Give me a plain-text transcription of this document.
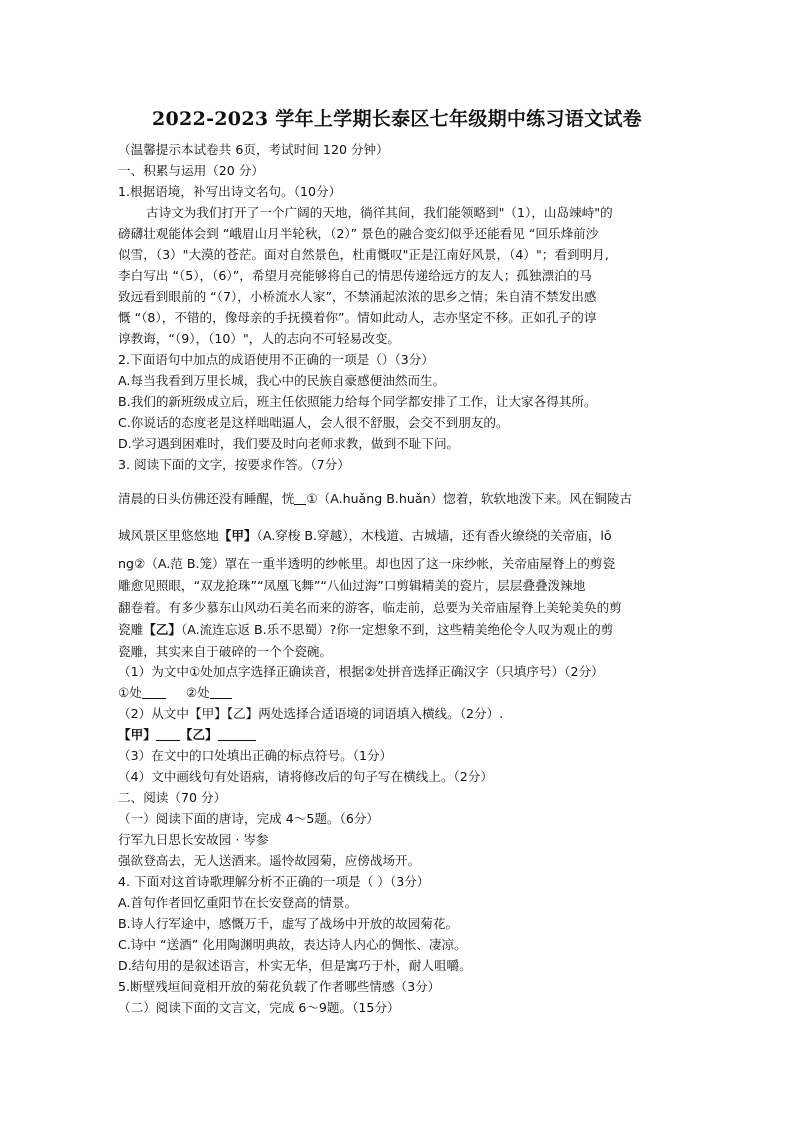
2022-2023 学年上学期长泰区七年级期中练习语文试卷
（温馨提示本试卷共 6页，考试时间 120 分钟）
一、积累与运用（20 分）
1.根据语境，补写出诗文名句。（10分）
古诗文为我们打开了一个广阔的天地，徜徉其间，我们能领略到"（1），山岛竦峙"的
磅礴壮观能体会到 “峨眉山月半轮秋，（2）” 景色的融合变幻似乎还能看见 “回乐烽前沙
似雪，（3）"大漠的苍茫。面对自然景色，杜甫慨叹"正是江南好风景，（4）"；看到明月,
李白写出 “（5），（6）”，希望月亮能够将自己的情思传递给远方的友人；孤独漂泊的马
致远看到眼前的 “（7），小桥流水人家”，不禁涌起浓浓的思乡之情；朱自清不禁发出感
慨 “（8），不错的，像母亲的手抚摸着你”。情如此动人，志亦坚定不移。正如孔子的谆
谆教诲，“（9），（10）"，人的志向不可轻易改变。
2.下面语句中加点的成语使用不正确的一项是（）（3分）
A.每当我看到万里长城，我心中的民族自豪感便油然而生。
B.我们的新班级成立后，班主任依照能力给每个同学都安排了工作，让大家各得其所。
C.你说话的态度老是这样咄咄逼人，会人很不舒服，会交不到朋友的。
D.学习遇到困难时，我们要及时向老师求教，做到不耻下问。
3. 阅读下面的文字，按要求作答。（7分）
清晨的日头仿佛还没有睡醒，恍 ①（A.huǎng B.huǎn）惚着，软软地泼下来。风在铜陵古
城风景区里悠悠地【甲】（A.穿梭 B.穿越），木栈道、古城墙，还有香火缭绕的关帝庙，lō
ng②（A.范 B.笼）罩在一重半透明的纱帐里。却也因了这一床纱帐，关帝庙屋脊上的剪瓷
雕愈见照眼，“双龙抢珠”“凤凰飞舞”“八仙过海”口剪辑精美的瓷片，层层叠叠泼辣地
翻卷着。有多少慕东山风动石美名而来的游客，临走前，总要为关帝庙屋脊上美轮美奂的剪
瓷雕【乙】（A.流连忘返 B.乐不思蜀）?你一定想象不到，这些精美绝伦令人叹为观止的剪
瓷雕，其实来自于破碎的一个个瓷碗。
（1）为文中①处加点字选择正确读音，根据②处拼音选择正确汉字（只填序号）（2分）
①处	②处
（2）从文中【甲】【乙】两处选择合适语境的词语填入横线。（2分）.
【甲】 【乙】
（3）在文中的口处填出正确的标点符号。（1分）
（4）文中画线句有处语病，请将修改后的句子写在横线上。（2分）
二、阅读（70 分）
（一）阅读下面的唐诗，完成 4～5题。（6分）
行军九日思长安故园 · 岑参
强欲登高去，无人送酒来。遥怜故园菊，应傍战场开。
4. 下面对这首诗歌理解分析不正确的一项是（ ）（3分）
A.首句作者回忆重阳节在长安登高的情景。
B.诗人行军途中，感慨万千，虚写了战场中开放的故园菊花。
C.诗中 “送酒” 化用陶渊明典故，表达诗人内心的惆怅、凄凉。
D.结句用的是叙述语言，朴实无华，但是寓巧于朴，耐人咀嚼。
5.断壁残垣间竟相开放的菊花负载了作者哪些情感（3分）
（二）阅读下面的文言文，完成 6～9题。（15分）
